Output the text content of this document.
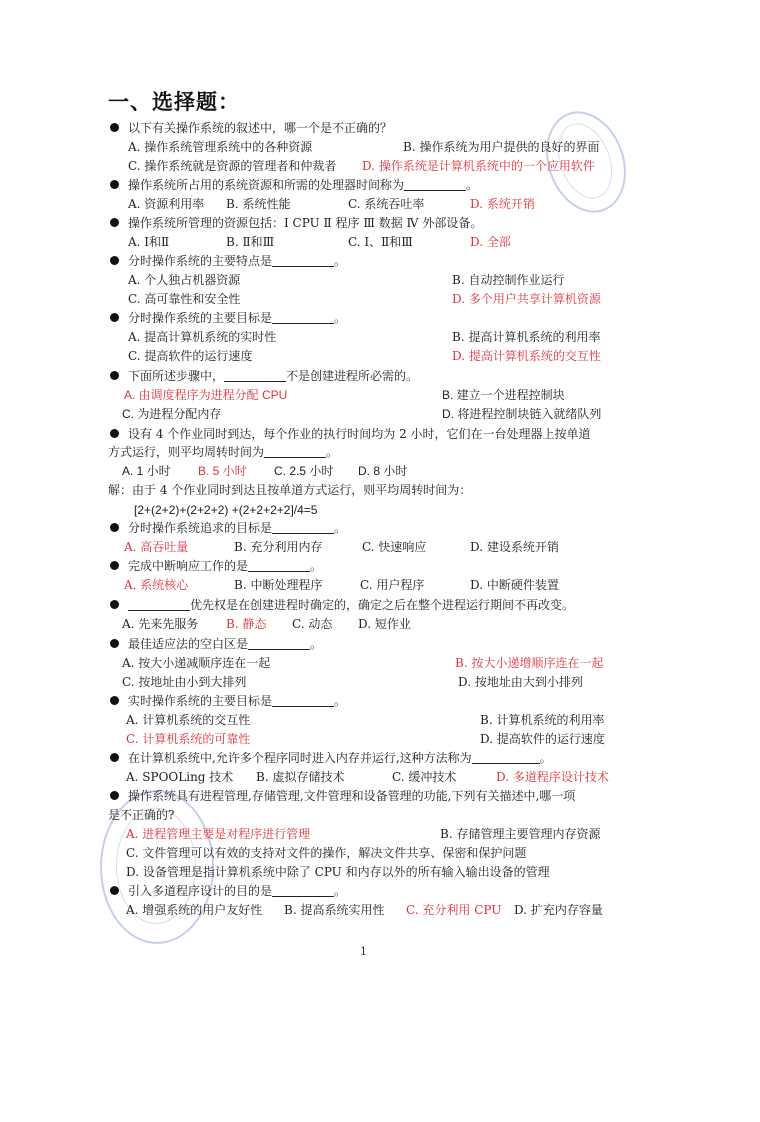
一、选择题：
以下有关操作系统的叙述中，哪一个是不正确的？
A. 操作系统管理系统中的各种资源	B. 操作系统为用户提供的良好的界面
C. 操作系统就是资源的管理者和仲裁者 D. 操作系统是计算机系统中的一个应用软件
操作系统所占用的系统资源和所需的处理器时间称为	。
A. 资源利用率 B. 系统性能	C. 系统吞吐率	D. 系统开销
操作系统所管理的资源包括：Ⅰ CPU Ⅱ 程序 Ⅲ 数据 Ⅳ 外部设备。
A. Ⅰ和Ⅱ	B. Ⅱ和Ⅲ	C. Ⅰ、Ⅱ和Ⅲ	D. 全部
分时操作系统的主要特点是	。
A. 个人独占机器资源	B. 自动控制作业运行
C. 高可靠性和安全性	D. 多个用户共享计算机资源
分时操作系统的主要目标是	。
A. 提高计算机系统的实时性	B. 提高计算机系统的利用率
C. 提高软件的运行速度	D. 提高计算机系统的交互性
下面所述步骤中，	不是创建进程所必需的。
A. 由调度程序为进程分配 CPU	B. 建立一个进程控制块
C. 为进程分配内存	D. 将进程控制块链入就绪队列
设有 4 个作业同时到达，每个作业的执行时间均为 2 小时，它们在一台处理器上按单道
方式运行，则平均周转时间为	。
A. 1 小时 B. 5 小时 C. 2.5 小时 D. 8 小时
解：由于 4 个作业同时到达且按单道方式运行，则平均周转时间为：
[2+(2+2)+(2+2+2) +(2+2+2+2]/4=5
分时操作系统追求的目标是	。
A. 高吞吐量	B. 充分利用内存	C. 快速响应	D. 建设系统开销
完成中断响应工作的是	。
A. 系统核心	B. 中断处理程序	C. 用户程序	D. 中断硬件装置
优先权是在创建进程时确定的，确定之后在整个进程运行期间不再改变。
A. 先来先服务 B. 静态 C. 动态 D. 短作业
最佳适应法的空白区是	。
A. 按大小递减顺序连在一起	B. 按大小递增顺序连在一起
C. 按地址由小到大排列	D. 按地址由大到小排列
实时操作系统的主要目标是	。
A. 计算机系统的交互性	B. 计算机系统的利用率
C. 计算机系统的可靠性	D. 提高软件的运行速度
在计算机系统中,允许多个程序同时进入内存并运行,这种方法称为	。
A. SPOOLing 技术 B. 虚拟存储技术	C. 缓冲技术	D. 多道程序设计技术
操作系统具有进程管理,存储管理,文件管理和设备管理的功能,下列有关描述中,哪一项
是不正确的?
A. 进程管理主要是对程序进行管理	B. 存储管理主要管理内存资源
C. 文件管理可以有效的支持对文件的操作，解决文件共享、保密和保护问题
D. 设备管理是指计算机系统中除了 CPU 和内存以外的所有输入输出设备的管理
引入多道程序设计的目的是	。
A. 增强系统的用户友好性 B. 提高系统实用性 C. 充分利用 CPU D. 扩充内存容量
1
